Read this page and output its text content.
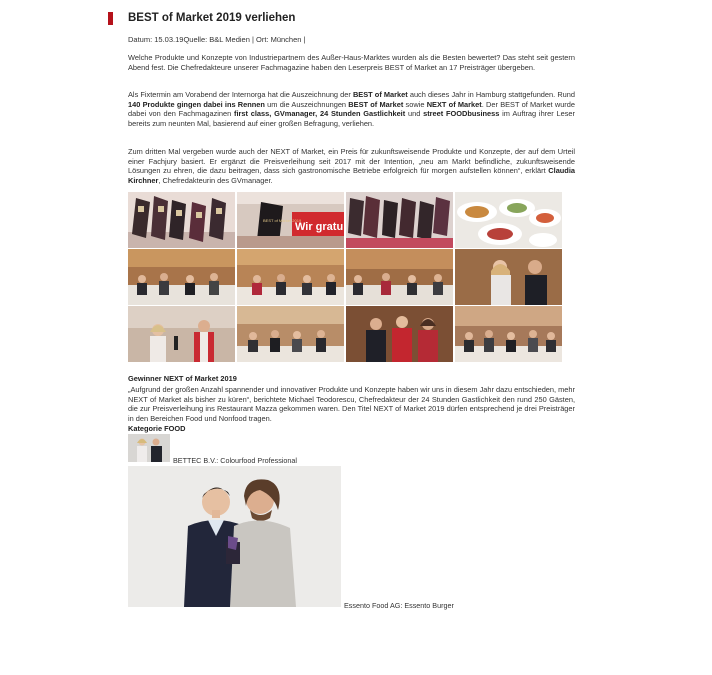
BEST of Market 2019 verliehen
Datum: 15.03.19Quelle: B&L Medien | Ort: München |

Welche Produkte und Konzepte von Industriepartnern des Außer-Haus-Marktes wurden als die Besten bewertet? Das steht seit gestern Abend fest. Die Chefredakteure unserer Fachmagazine haben den Leserpreis BEST of Market an 17 Preisträger übergeben.

Als Fixtermin am Vorabend der Internorga hat die Auszeichnung der BEST of Market auch dieses Jahr in Hamburg stattgefunden. Rund 140 Produkte gingen dabei ins Rennen um die Auszeichnungen BEST of Market sowie NEXT of Market. Der BEST of Market wurde dabei von den Fachmagazinen first class, GVmanager, 24 Stunden Gastlichkeit und street FOODbusiness im Auftrag ihrer Leser bereits zum neunten Mal, basierend auf einer großen Befragung, verliehen.

Zum dritten Mal vergeben wurde auch der NEXT of Market, ein Preis für zukunftsweisende Produkte und Konzepte, der auf dem Urteil einer Fachjury basiert. Er ergänzt die Preisverleihung seit 2017 mit der Intention, „neu am Markt befindliche, zukunftsweisende Lösungen zu ehren, die dazu beitragen, dass sich gastronomische Betriebe erfolgreich für morgen aufstellen können“, erklärt Claudia Kirchner, Chefredakteurin des GVmanager.

Wir gratu
BEST of Market 2019
Gewinner NEXT of Market 2019

„Aufgrund der großen Anzahl spannender und innovativer Produkte und Konzepte haben wir uns in diesem Jahr dazu entschieden, mehr NEXT of Market als bisher zu küren“, berichtete Michael Teodorescu, Chefredakteur der 24 Stunden Gastlichkeit den rund 250 Gästen, die zur Preisverleihung ins Restaurant Mazza gekommen waren. Den Titel NEXT of Market 2019 dürfen entsprechend je drei Preisträger in den Bereichen Food und Nonfood tragen.

Kategorie FOOD
BETTEC B.V.: Colourfood Professional
Essento Food AG: Essento Burger
